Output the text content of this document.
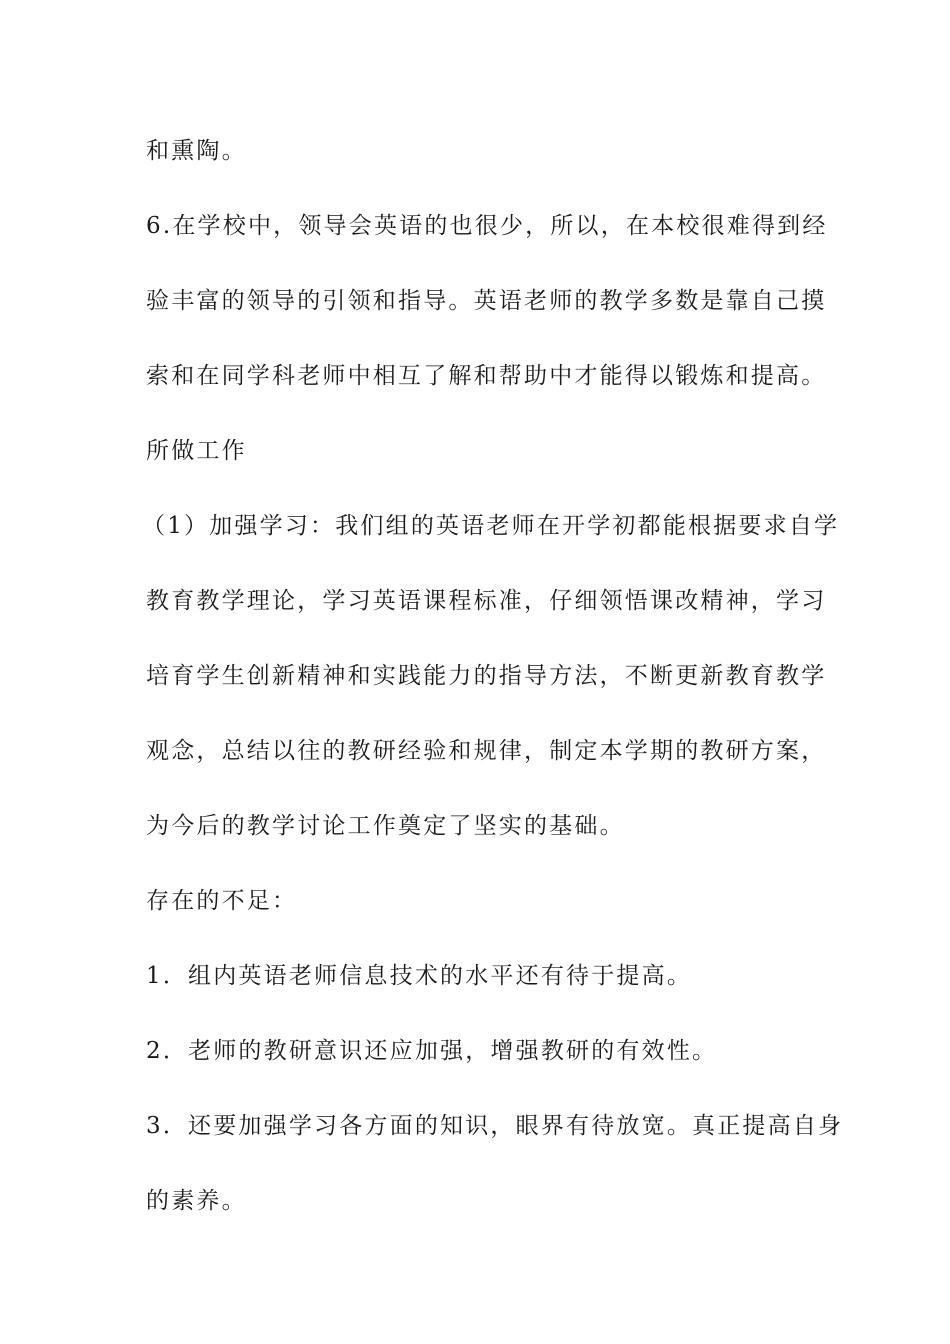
和熏陶。
6.在学校中，领导会英语的也很少，所以，在本校很难得到经
验丰富的领导的引领和指导。英语老师的教学多数是靠自己摸
索和在同学科老师中相互了解和帮助中才能得以锻炼和提高。
所做工作
（1）加强学习：我们组的英语老师在开学初都能根据要求自学
教育教学理论，学习英语课程标准，仔细领悟课改精神，学习
培育学生创新精神和实践能力的指导方法，不断更新教育教学
观念，总结以往的教研经验和规律，制定本学期的教研方案，
为今后的教学讨论工作奠定了坚实的基础。
存在的不足：
1．组内英语老师信息技术的水平还有待于提高。
2．老师的教研意识还应加强，增强教研的有效性。
3．还要加强学习各方面的知识，眼界有待放宽。真正提高自身
的素养。
